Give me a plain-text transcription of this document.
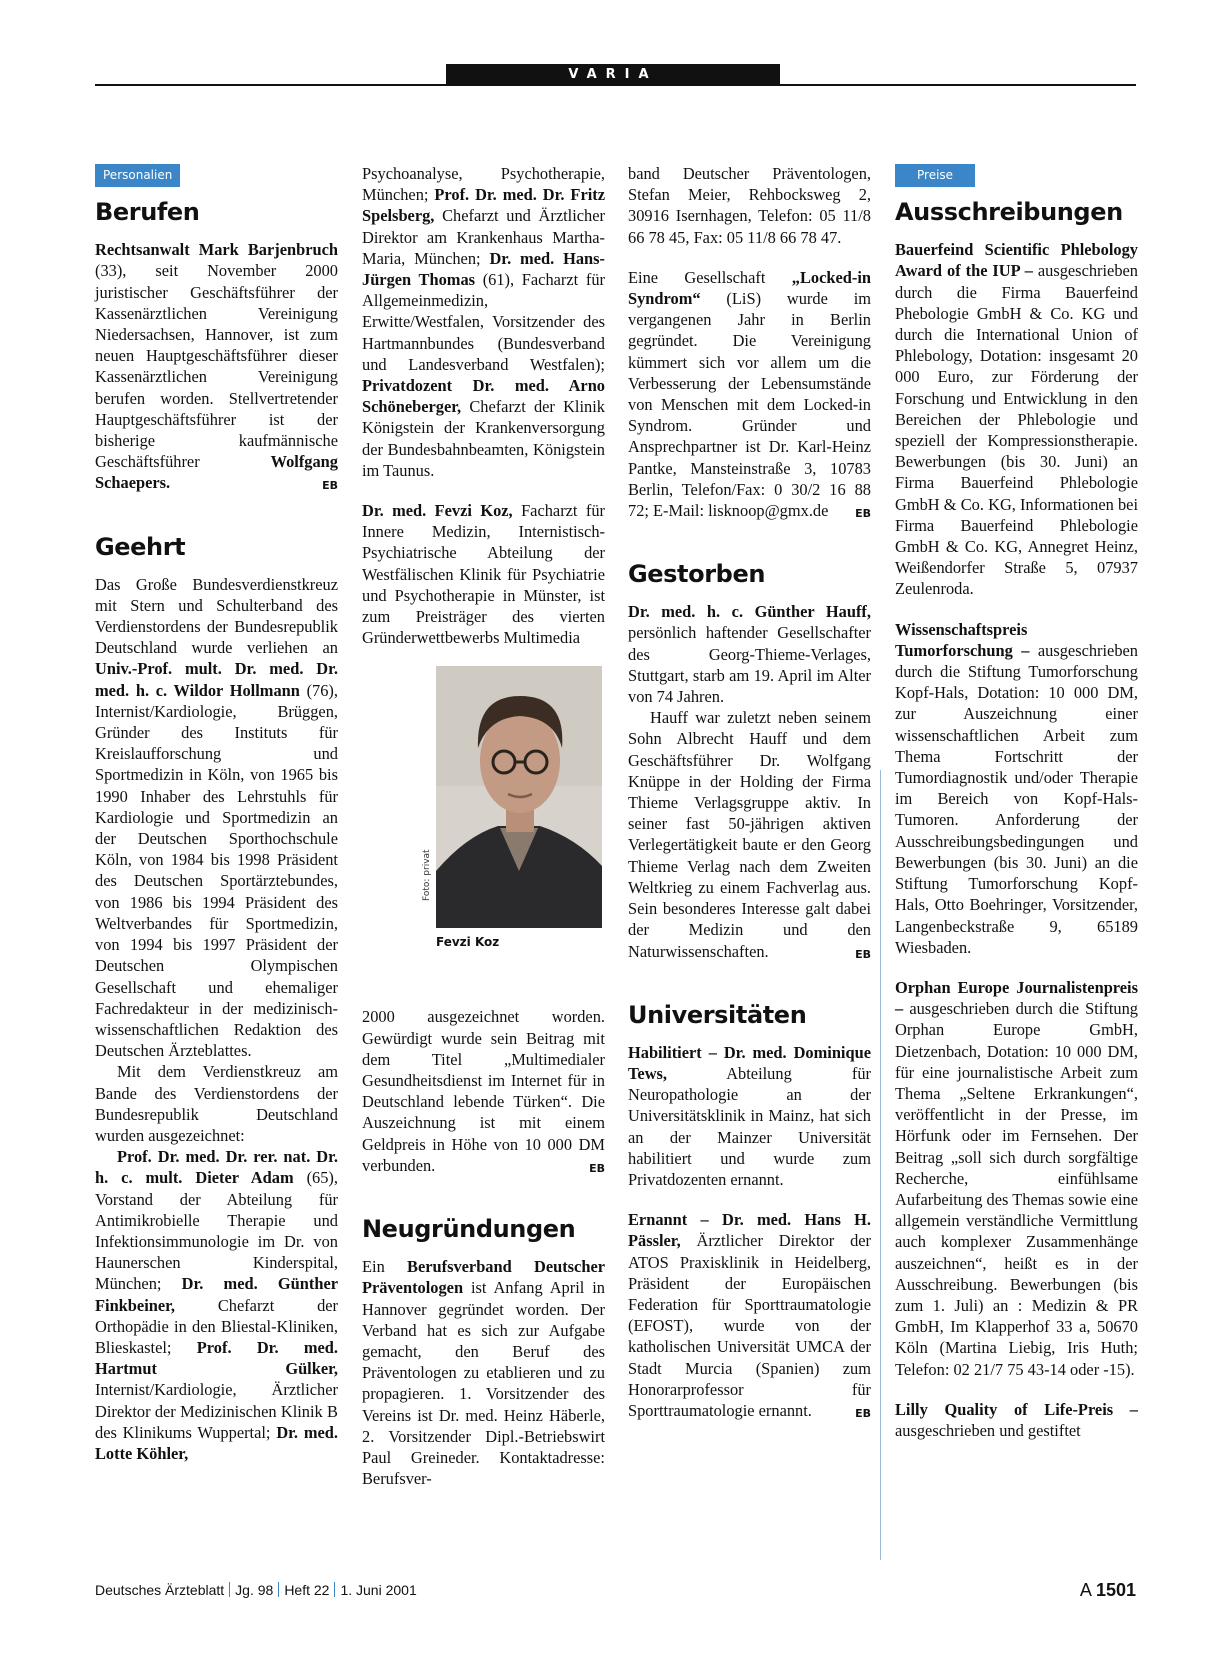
VARIA
Personalien
Berufen

Rechtsanwalt Mark Barjenbruch (33), seit November 2000 juristischer Geschäftsführer der Kassenärztlichen Vereinigung Niedersachsen, Hannover, ist zum neuen Hauptgeschäftsführer dieser Kassenärztlichen Vereinigung berufen worden. Stellvertretender Hauptgeschäftsführer ist der bisherige kaufmännische Geschäftsführer Wolfgang Schaepers.	EB

Geehrt

Das Große Bundesverdienstkreuz mit Stern und Schulterband des Verdienstordens der Bundesrepublik Deutschland wurde verliehen an Univ.-Prof. mult. Dr. med. Dr. med. h. c. Wildor Hollmann (76), Internist/Kardiologie, Brüggen, Gründer des Instituts für Kreislaufforschung und Sportmedizin in Köln, von 1965 bis 1990 Inhaber des Lehrstuhls für Kardiologie und Sportmedizin an der Deutschen Sporthochschule Köln, von 1984 bis 1998 Präsident des Deutschen Sportärztebundes, von 1986 bis 1994 Präsident des Weltverbandes für Sportmedizin, von 1994 bis 1997 Präsident der Deutschen Olympischen Gesellschaft und ehemaliger Fachredakteur in der medizinisch-wissenschaftlichen Redaktion des Deutschen Ärzteblattes.

Mit dem Verdienstkreuz am Bande des Verdienstordens der Bundesrepublik Deutschland wurden ausgezeichnet:

Prof. Dr. med. Dr. rer. nat. Dr. h. c. mult. Dieter Adam (65), Vorstand der Abteilung für Antimikrobielle Therapie und Infektionsimmunologie im Dr. von Haunerschen Kinderspital, München; Dr. med. Günther Finkbeiner, Chefarzt der Orthopädie in den Bliestal-Kliniken, Blieskastel; Prof. Dr. med. Hartmut Gülker, Internist/Kardiologie, Ärztlicher Direktor der Medizinischen Klinik B des Klinikums Wuppertal; Dr. med. Lotte Köhler,

Psychoanalyse, Psychotherapie, München; Prof. Dr. med. Dr. Fritz Spelsberg, Chefarzt und Ärztlicher Direktor am Krankenhaus Martha-Maria, München; Dr. med. Hans-Jürgen Thomas (61), Facharzt für Allgemeinmedizin, Erwitte/Westfalen, Vorsitzender des Hartmannbundes (Bundesverband und Landesverband Westfalen); Privatdozent Dr. med. Arno Schöneberger, Chefarzt der Klinik Königstein der Krankenversorgung der Bundesbahnbeamten, Königstein im Taunus.

Dr. med. Fevzi Koz, Facharzt für Innere Medizin, Internistisch-Psychiatrische Abteilung der Westfälischen Klinik für Psychiatrie und Psychotherapie in Münster, ist zum Preisträger des vierten Gründerwettbewerbs Multimedia

Foto: privat
Fevzi Koz

2000 ausgezeichnet worden. Gewürdigt wurde sein Beitrag mit dem Titel „Multimedialer Gesundheitsdienst im Internet für in Deutschland lebende Türken“. Die Auszeichnung ist mit einem Geldpreis in Höhe von 10 000 DM verbunden.	EB

Neugründungen

Ein Berufsverband Deutscher Präventologen ist Anfang April in Hannover gegründet worden. Der Verband hat es sich zur Aufgabe gemacht, den Beruf des Präventologen zu etablieren und zu propagieren. 1. Vorsitzender des Vereins ist Dr. med. Heinz Häberle, 2. Vorsitzender Dipl.-Betriebswirt Paul Greineder. Kontaktadresse: Berufsver-

band Deutscher Präventologen, Stefan Meier, Rehbocksweg 2, 30916 Isernhagen, Telefon: 05 11/8 66 78 45, Fax: 05 11/8 66 78 47.

Eine Gesellschaft „Locked-in Syndrom“ (LiS) wurde im vergangenen Jahr in Berlin gegründet. Die Vereinigung kümmert sich vor allem um die Verbesserung der Lebensumstände von Menschen mit dem Locked-in Syndrom. Gründer und Ansprechpartner ist Dr. Karl-Heinz Pantke, Mansteinstraße 3, 10783 Berlin, Telefon/Fax: 0 30/2 16 88 72; E-Mail: lisknoop@gmx.de EB

Gestorben

Dr. med. h. c. Günther Hauff, persönlich haftender Gesellschafter des Georg-Thieme-Verlages, Stuttgart, starb am 19. April im Alter von 74 Jahren.

Hauff war zuletzt neben seinem Sohn Albrecht Hauff und dem Geschäftsführer Dr. Wolfgang Knüppe in der Holding der Firma Thieme Verlagsgruppe aktiv. In seiner fast 50-jährigen aktiven Verlegertätigkeit baute er den Georg Thieme Verlag nach dem Zweiten Weltkrieg zu einem Fachverlag aus. Sein besonderes Interesse galt dabei der Medizin und den Naturwissenschaften.	EB

Universitäten

Habilitiert – Dr. med. Dominique Tews, Abteilung für Neuropathologie an der Universitätsklinik in Mainz, hat sich an der Mainzer Universität habilitiert und wurde zum Privatdozenten ernannt.

Ernannt – Dr. med. Hans H. Pässler, Ärztlicher Direktor der ATOS Praxisklinik in Heidelberg, Präsident der Europäischen Federation für Sporttraumatologie (EFOST), wurde von der katholischen Universität UMCA der Stadt Murcia (Spanien) zum Honorarprofessor für Sporttraumatologie ernannt.	EB

Preise
Ausschreibungen

Bauerfeind Scientific Phlebology Award of the IUP – ausgeschrieben durch die Firma Bauerfeind Phebologie GmbH & Co. KG und durch die International Union of Phlebology, Dotation: insgesamt 20 000 Euro, zur Förderung der Forschung und Entwicklung in den Bereichen der Phlebologie und speziell der Kompressionstherapie. Bewerbungen (bis 30. Juni) an Firma Bauerfeind Phlebologie GmbH & Co. KG, Informationen bei Firma Bauerfeind Phlebologie GmbH & Co. KG, Annegret Heinz, Weißendorfer Straße 5, 07937 Zeulenroda.

Wissenschaftspreis Tumorforschung – ausgeschrieben durch die Stiftung Tumorforschung Kopf-Hals, Dotation: 10 000 DM, zur Auszeichnung einer wissenschaftlichen Arbeit zum Thema Fortschritt der Tumordiagnostik und/oder Therapie im Bereich von Kopf-Hals-Tumoren. Anforderung der Ausschreibungsbedingungen und Bewerbungen (bis 30. Juni) an die Stiftung Tumorforschung Kopf-Hals, Otto Boehringer, Vorsitzender, Langenbeckstraße 9, 65189 Wiesbaden.

Orphan Europe Journalistenpreis – ausgeschrieben durch die Stiftung Orphan Europe GmbH, Dietzenbach, Dotation: 10 000 DM, für eine journalistische Arbeit zum Thema „Seltene Erkrankungen“, veröffentlicht in der Presse, im Hörfunk oder im Fernsehen. Der Beitrag „soll sich durch sorgfältige Recherche, einfühlsame Aufarbeitung des Themas sowie eine allgemein verständliche Vermittlung auch komplexer Zusammenhänge auszeichnen“, heißt es in der Ausschreibung. Bewerbungen (bis zum 1. Juli) an : Medizin & PR GmbH, Im Klapperhof 33 a, 50670 Köln (Martina Liebig, Iris Huth; Telefon: 02 21/7 75 43-14 oder -15).

Lilly Quality of Life-Preis – ausgeschrieben und gestiftet

Deutsches Ärzteblatt Jg. 98 Heft 22 1. Juni 2001	A 1501
